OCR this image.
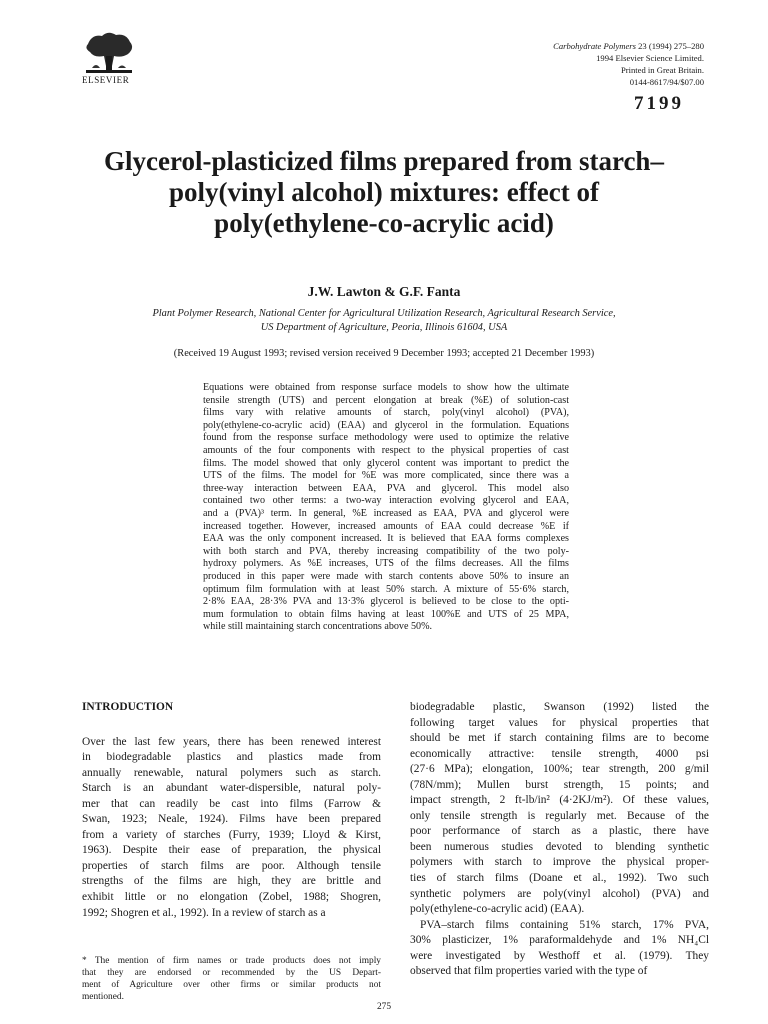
ELSEVIER
Carbohydrate Polymers 23 (1994) 275–280
1994 Elsevier Science Limited.
Printed in Great Britain.
0144-8617/94/$07.00
7199
Glycerol-plasticized films prepared from starch–
poly(vinyl alcohol) mixtures: effect of
poly(ethylene-co-acrylic acid)
J.W. Lawton & G.F. Fanta
Plant Polymer Research, National Center for Agricultural Utilization Research, Agricultural Research Service,
US Department of Agriculture, Peoria, Illinois 61604, USA
(Received 19 August 1993; revised version received 9 December 1993; accepted 21 December 1993)
Equations were obtained from response surface models to show how the ultimate
tensile strength (UTS) and percent elongation at break (%E) of solution-cast
films vary with relative amounts of starch, poly(vinyl alcohol) (PVA),
poly(ethylene-co-acrylic acid) (EAA) and glycerol in the formulation. Equations
found from the response surface methodology were used to optimize the relative
amounts of the four components with respect to the physical properties of cast
films. The model showed that only glycerol content was important to predict the
UTS of the films. The model for %E was more complicated, since there was a
three-way interaction between EAA, PVA and glycerol. This model also
contained two other terms: a two-way interaction evolving glycerol and EAA,
and a (PVA)³ term. In general, %E increased as EAA, PVA and glycerol were
increased together. However, increased amounts of EAA could decrease %E if
EAA was the only component increased. It is believed that EAA forms complexes
with both starch and PVA, thereby increasing compatibility of the two poly-
hydroxy polymers. As %E increases, UTS of the films decreases. All the films
produced in this paper were made with starch contents above 50% to insure an
optimum film formulation with at least 50% starch. A mixture of 55·6% starch,
2·8% EAA, 28·3% PVA and 13·3% glycerol is believed to be close to the opti-
mum formulation to obtain films having at least 100%E and UTS of 25 MPA,
while still maintaining starch concentrations above 50%.
INTRODUCTION
Over the last few years, there has been renewed interest
in biodegradable plastics and plastics made from
annually renewable, natural polymers such as starch.
Starch is an abundant water-dispersible, natural poly-
mer that can readily be cast into films (Farrow &
Swan, 1923; Neale, 1924). Films have been prepared
from a variety of starches (Furry, 1939; Lloyd & Kirst,
1963). Despite their ease of preparation, the physical
properties of starch films are poor. Although tensile
strengths of the films are high, they are brittle and
exhibit little or no elongation (Zobel, 1988; Shogren,
1992; Shogren et al., 1992). In a review of starch as a
biodegradable plastic, Swanson (1992) listed the
following target values for physical properties that
should be met if starch containing films are to become
economically attractive: tensile strength, 4000 psi
(27·6 MPa); elongation, 100%; tear strength, 200 g/mil
(78N/mm); Mullen burst strength, 15 points; and
impact strength, 2 ft-lb/in² (4·2KJ/m²). Of these values,
only tensile strength is regularly met. Because of the
poor performance of starch as a plastic, there have
been numerous studies devoted to blending synthetic
polymers with starch to improve the physical proper-
ties of starch films (Doane et al., 1992). Two such
synthetic polymers are poly(vinyl alcohol) (PVA) and
poly(ethylene-co-acrylic acid) (EAA).
PVA–starch films containing 51% starch, 17% PVA,
30% plasticizer, 1% paraformaldehyde and 1% NH₄Cl
were investigated by Westhoff et al. (1979). They
observed that film properties varied with the type of
* The mention of firm names or trade products does not imply
that they are endorsed or recommended by the US Depart-
ment of Agriculture over other firms or similar products not
mentioned.
275
